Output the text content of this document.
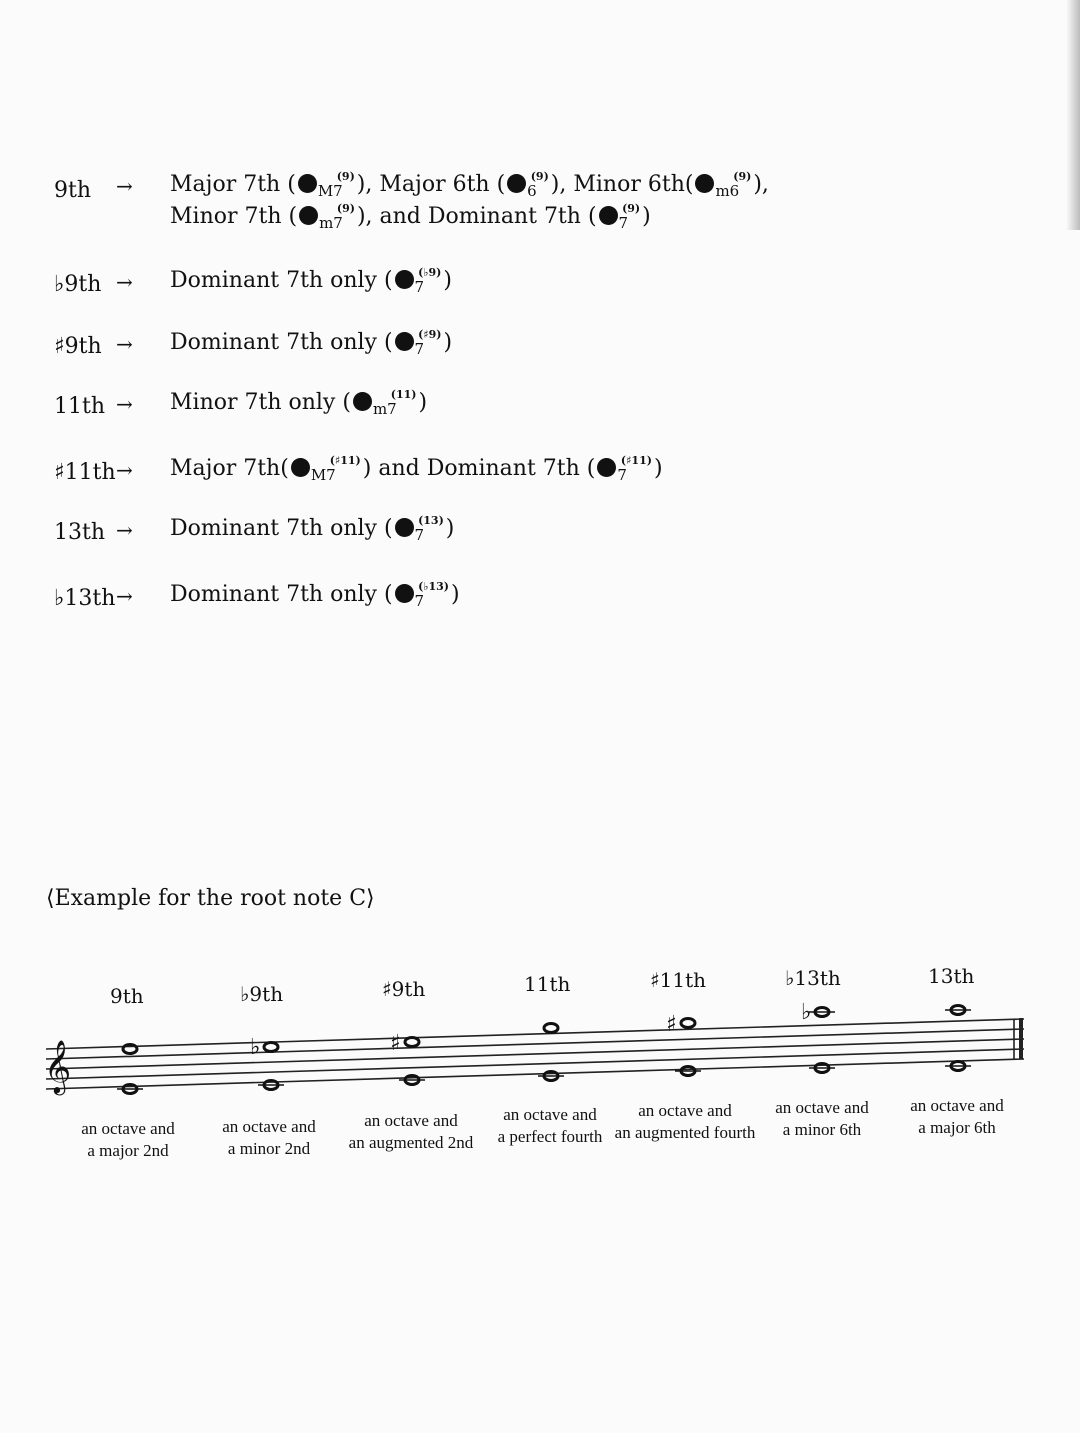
9th → Major 7th ( $_{M7}^{(9)}$), Major 6th ( $_6^{(9)}$), Minor 6th( $_{m6}^{(9)}$),
Minor 7th ( $_{m7}^{(9)}$), and Dominant 7th ( $_7^{(9)}$)
♭9th → Dominant 7th only ( $_7^{(♭9)}$)
♯9th → Dominant 7th only ( $_7^{(♯9)}$)
11th → Minor 7th only ( $_{m7}^{(11)}$)
♯11th → Major 7th( $_{M7}^{(♯11)}$) and Dominant 7th ( $_7^{(♯11)}$)
13th → Dominant 7th only ( $_7^{(13)}$)
♭13th → Dominant 7th only ( $_7^{(♭13)}$)
⟨Example for the root note C⟩
9th	♭9th	♯9th	11th	♯11th	♭13th	13th
𝄞	♭	♯
♯	♭
an octave and
a major 2nd
an octave and
a minor 2nd
an octave and
an augmented 2nd
an octave and
a perfect fourth
an octave and
an augmented fourth
an octave and
a minor 6th
an octave and
a major 6th
